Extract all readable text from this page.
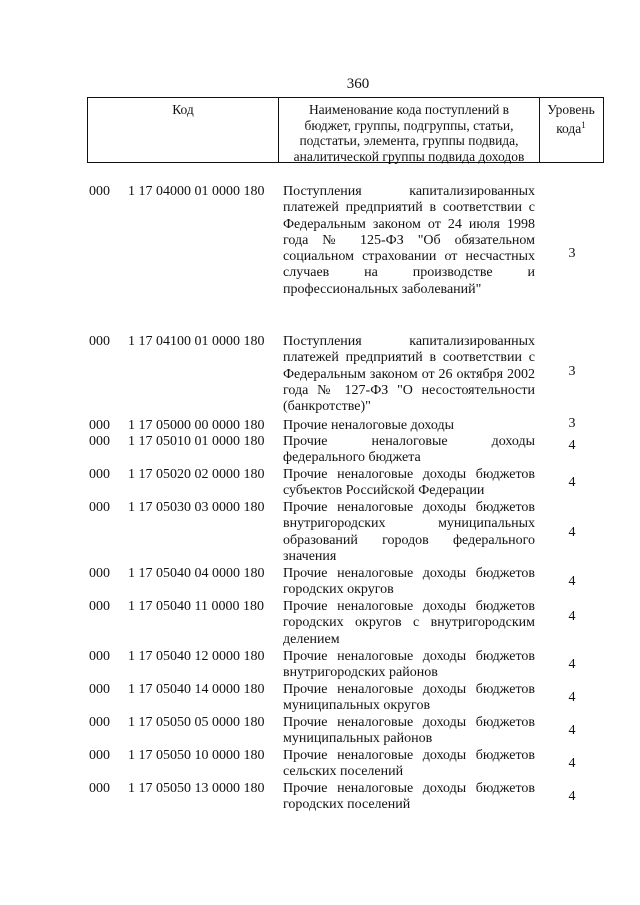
360
Код	Наименование кода поступлений в
бюджет, группы, подгруппы, статьи,
подстатьи, элемента, группы подвида,
аналитической группы подвида доходов
Уровень
кода$^1$
000 1 17 04000 01 0000 180 Поступления капитализированных платежей предприятий в соответствии с Федеральным законом от 24 июля 1998 года № 125-ФЗ "Об обязательном социальном страховании от несчастных случаев на производстве и профессиональных заболеваний"
3
000 1 17 04100 01 0000 180 Поступления капитализированных платежей предприятий в соответствии с Федеральным законом от 26 октября 2002 года № 127-ФЗ "О несостоятельности (банкротстве)"
3
000 1 17 05000 00 0000 180 Прочие неналоговые доходы	3
000 1 17 05010 01 0000 180 Прочие неналоговые доходы федерального бюджета
4
000 1 17 05020 02 0000 180 Прочие неналоговые доходы бюджетов субъектов Российской Федерации
4
000 1 17 05030 03 0000 180 Прочие неналоговые доходы бюджетов внутригородских муниципальных образований городов федерального значения
4
000 1 17 05040 04 0000 180 Прочие неналоговые доходы бюджетов городских округов
4
000 1 17 05040 11 0000 180 Прочие неналоговые доходы бюджетов городских округов с внутригородским делением
4
000 1 17 05040 12 0000 180 Прочие неналоговые доходы бюджетов внутригородских районов
4
000 1 17 05040 14 0000 180 Прочие неналоговые доходы бюджетов муниципальных округов
4
000 1 17 05050 05 0000 180 Прочие неналоговые доходы бюджетов муниципальных районов
4
000 1 17 05050 10 0000 180 Прочие неналоговые доходы бюджетов сельских поселений
4
000 1 17 05050 13 0000 180 Прочие неналоговые доходы бюджетов городских поселений
4
